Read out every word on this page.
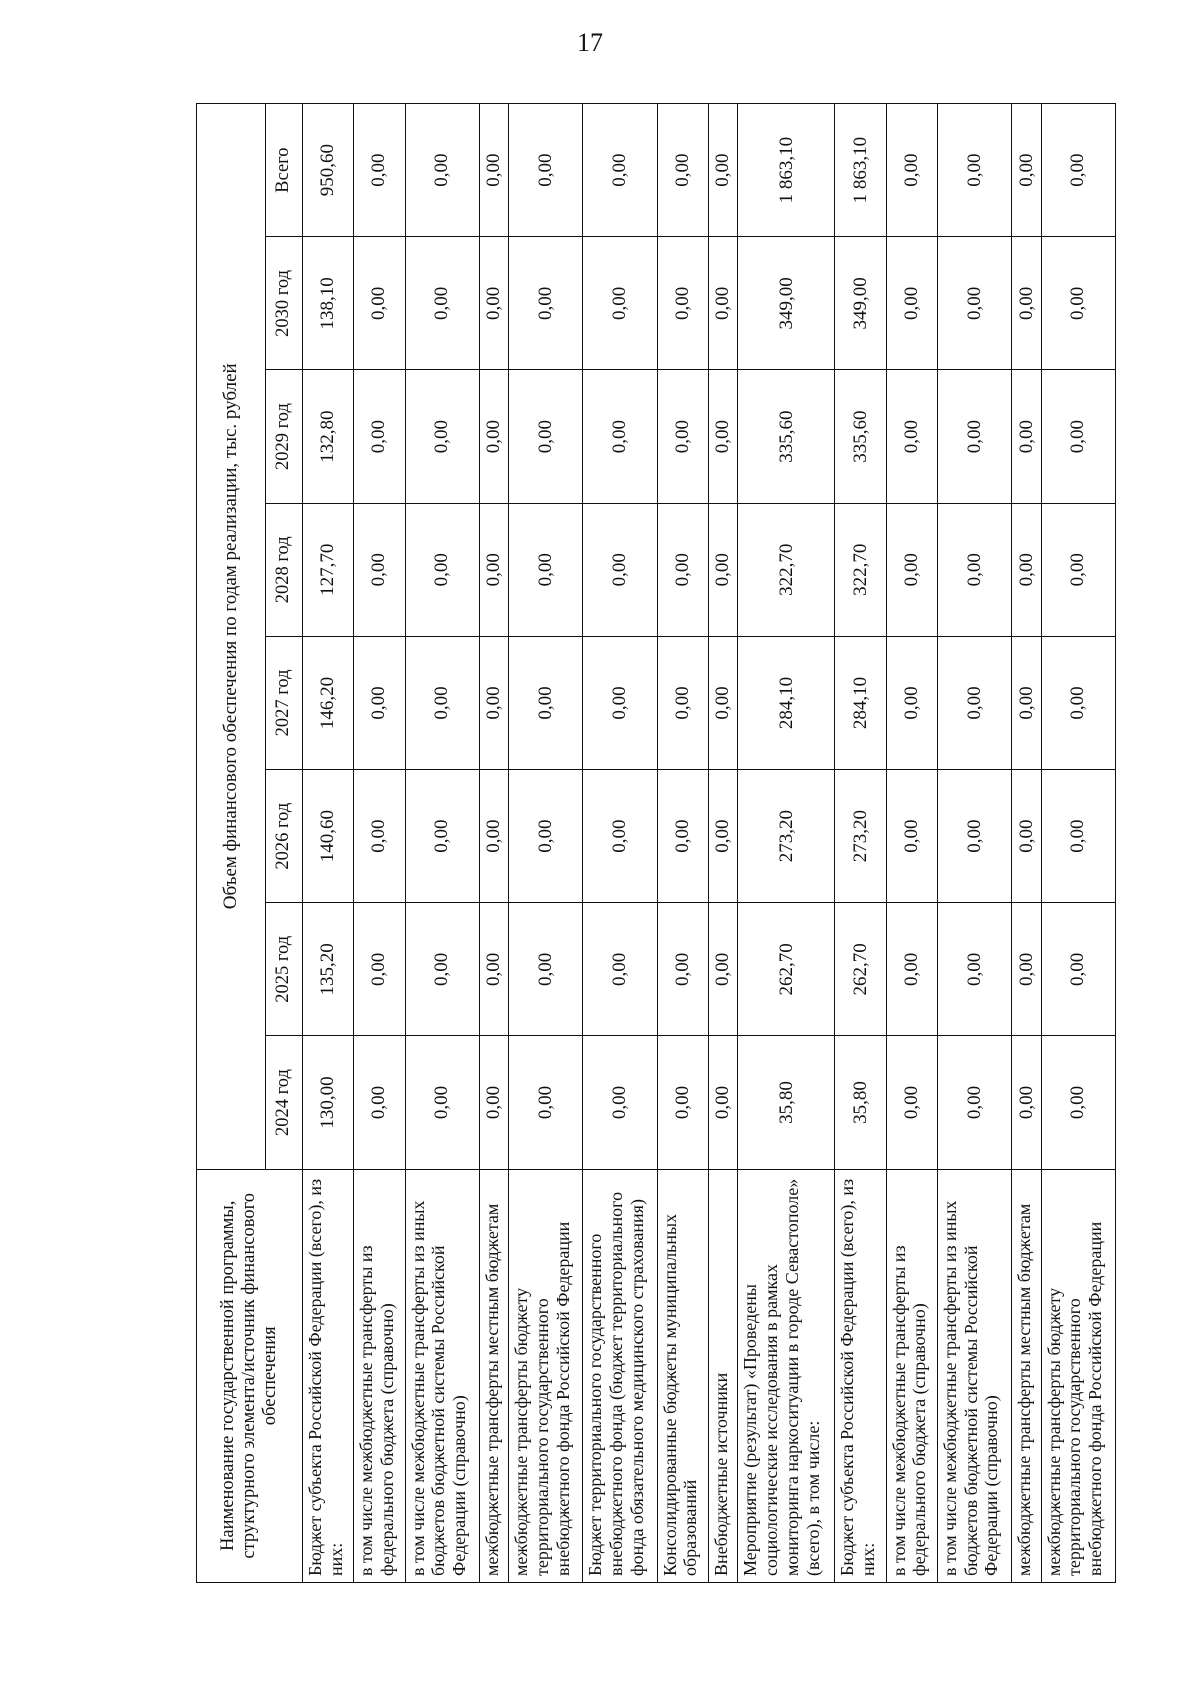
17
Наименование государственной программы, структурного элемента/источник финансового обеспечения	Объем финансового обеспечения по годам реализации, тыс. рублей							
	2024 год	2025 год	2026 год	2027 год	2028 год	2029 год	2030 год	Всего
Бюджет субъекта Российской Федерации (всего), из них:	130,00	135,20	140,60	146,20	127,70	132,80	138,10	950,60
в том числе межбюджетные трансферты из федерального бюджета (справочно)	0,00	0,00	0,00	0,00	0,00	0,00	0,00	0,00
в том числе межбюджетные трансферты из иных бюджетов бюджетной системы Российской Федерации (справочно)	0,00	0,00	0,00	0,00	0,00	0,00	0,00	0,00
межбюджетные трансферты местным бюджетам	0,00	0,00	0,00	0,00	0,00	0,00	0,00	0,00
межбюджетные трансферты бюджету территориального государственного внебюджетного фонда Российской Федерации	0,00	0,00	0,00	0,00	0,00	0,00	0,00	0,00
Бюджет территориального государственного внебюджетного фонда (бюджет территориального фонда обязательного медицинского страхования)	0,00	0,00	0,00	0,00	0,00	0,00	0,00	0,00
Консолидированные бюджеты муниципальных образований	0,00	0,00	0,00	0,00	0,00	0,00	0,00	0,00
Внебюджетные источники	0,00	0,00	0,00	0,00	0,00	0,00	0,00	0,00
Мероприятие (результат) «Проведены социологические исследования в рамках мониторинга наркоситуации в городе Севастополе» (всего), в том числе:	35,80	262,70	273,20	284,10	322,70	335,60	349,00	1 863,10
Бюджет субъекта Российской Федерации (всего), из них:	35,80	262,70	273,20	284,10	322,70	335,60	349,00	1 863,10
в том числе межбюджетные трансферты из федерального бюджета (справочно)	0,00	0,00	0,00	0,00	0,00	0,00	0,00	0,00
в том числе межбюджетные трансферты из иных бюджетов бюджетной системы Российской Федерации (справочно)	0,00	0,00	0,00	0,00	0,00	0,00	0,00	0,00
межбюджетные трансферты местным бюджетам	0,00	0,00	0,00	0,00	0,00	0,00	0,00	0,00
межбюджетные трансферты бюджету территориального государственного внебюджетного фонда Российской Федерации	0,00	0,00	0,00	0,00	0,00	0,00	0,00	0,00
